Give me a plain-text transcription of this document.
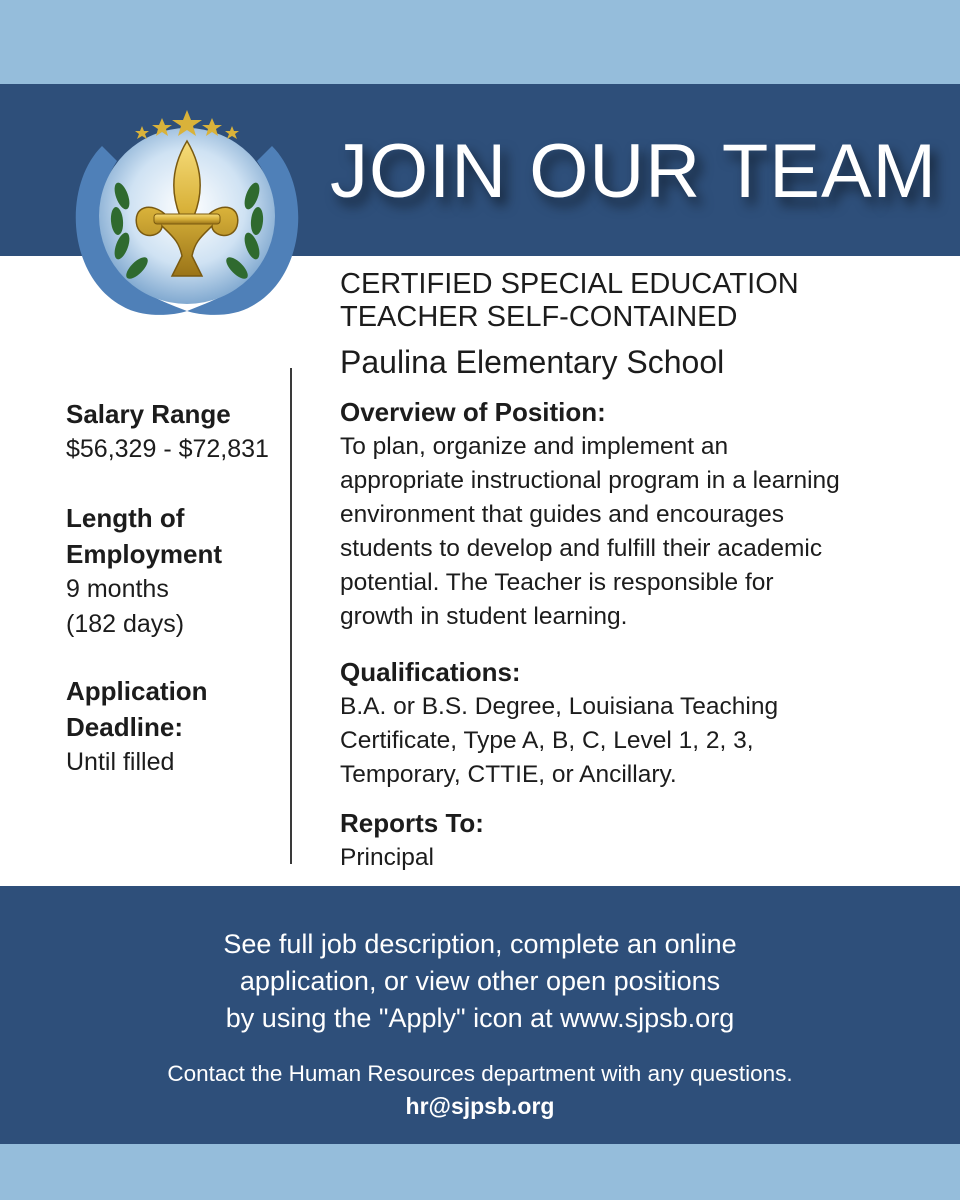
JOIN OUR TEAM
CERTIFIED SPECIAL EDUCATION TEACHER SELF-CONTAINED
Paulina Elementary School
Salary Range
$56,329 - $72,831
Length of Employment
9 months (182 days)
Application Deadline:
Until filled
Overview of Position:
To plan, organize and implement an appropriate instructional program in a learning environment that guides and encourages students to develop and fulfill their academic potential. The Teacher is responsible for growth in student learning.
Qualifications:
B.A. or B.S. Degree, Louisiana Teaching Certificate, Type A, B, C, Level 1, 2, 3, Temporary, CTTIE, or Ancillary.
Reports To:
Principal
See full job description, complete an online
application, or view other open positions
by using the "Apply" icon at www.sjpsb.org
Contact the Human Resources department with any questions.
hr@sjpsb.org
